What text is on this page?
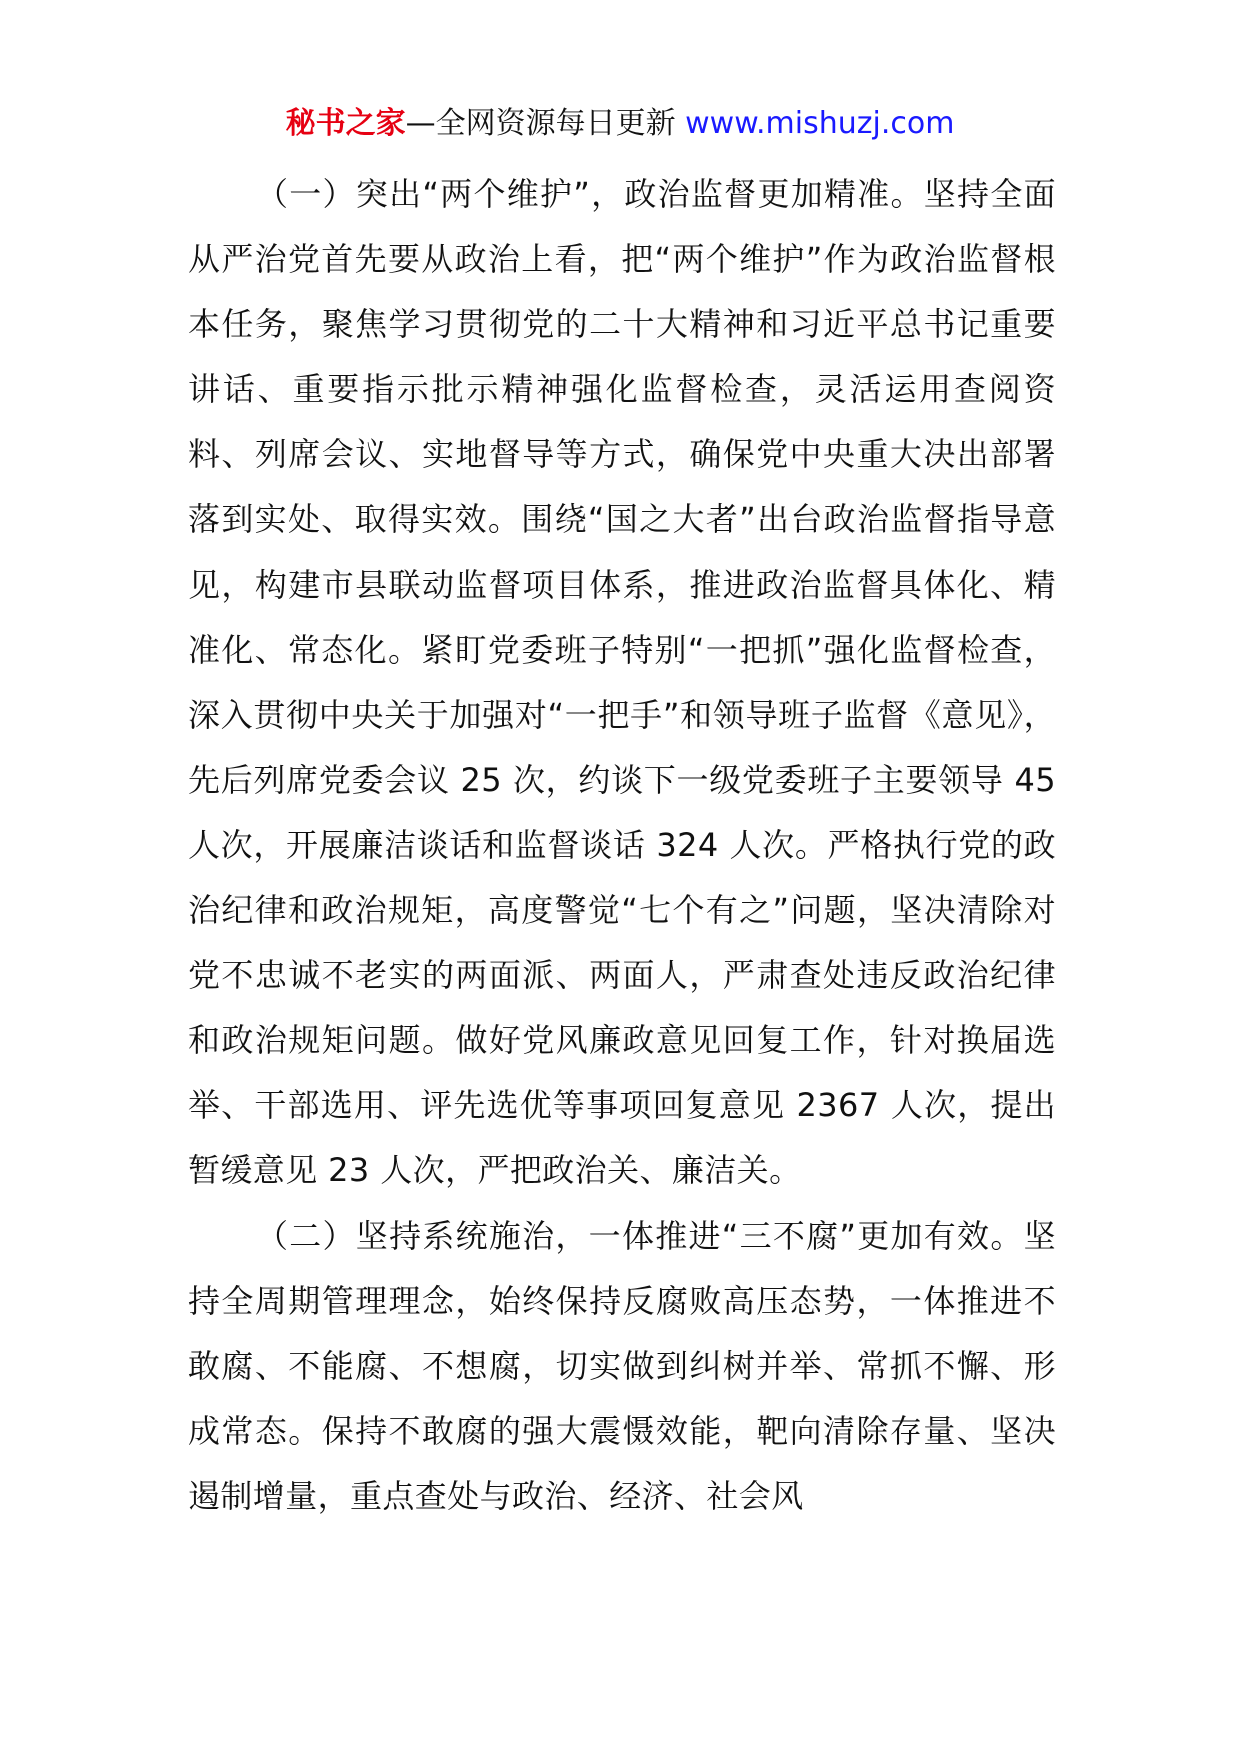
秘书之家—全网资源每日更新 www.mishuzj.com

（一）突出“两个维护”，政治监督更加精准。坚持全面从严治党首先要从政治上看，把“两个维护”作为政治监督根本任务，聚焦学习贯彻党的二十大精神和习近平总书记重要讲话、重要指示批示精神强化监督检查，灵活运用查阅资料、列席会议、实地督导等方式，确保党中央重大决出部署落到实处、取得实效。围绕“国之大者”出台政治监督指导意见，构建市县联动监督项目体系，推进政治监督具体化、精准化、常态化。紧盯党委班子特别“一把抓”强化监督检查，深入贯彻中央关于加强对“一把手”和领导班子监督《意见》，先后列席党委会议 25 次，约谈下一级党委班子主要领导 45 人次，开展廉洁谈话和监督谈话 324 人次。严格执行党的政治纪律和政治规矩，高度警觉“七个有之”问题，坚决清除对党不忠诚不老实的两面派、两面人，严肃查处违反政治纪律和政治规矩问题。做好党风廉政意见回复工作，针对换届选举、干部选用、评先选优等事项回复意见 2367 人次，提出暂缓意见 23 人次，严把政治关、廉洁关。

（二）坚持系统施治，一体推进“三不腐”更加有效。坚持全周期管理理念，始终保持反腐败高压态势，一体推进不敢腐、不能腐、不想腐，切实做到纠树并举、常抓不懈、形成常态。保持不敢腐的强大震慑效能，靶向清除存量、坚决遏制增量，重点查处与政治、经济、社会风
